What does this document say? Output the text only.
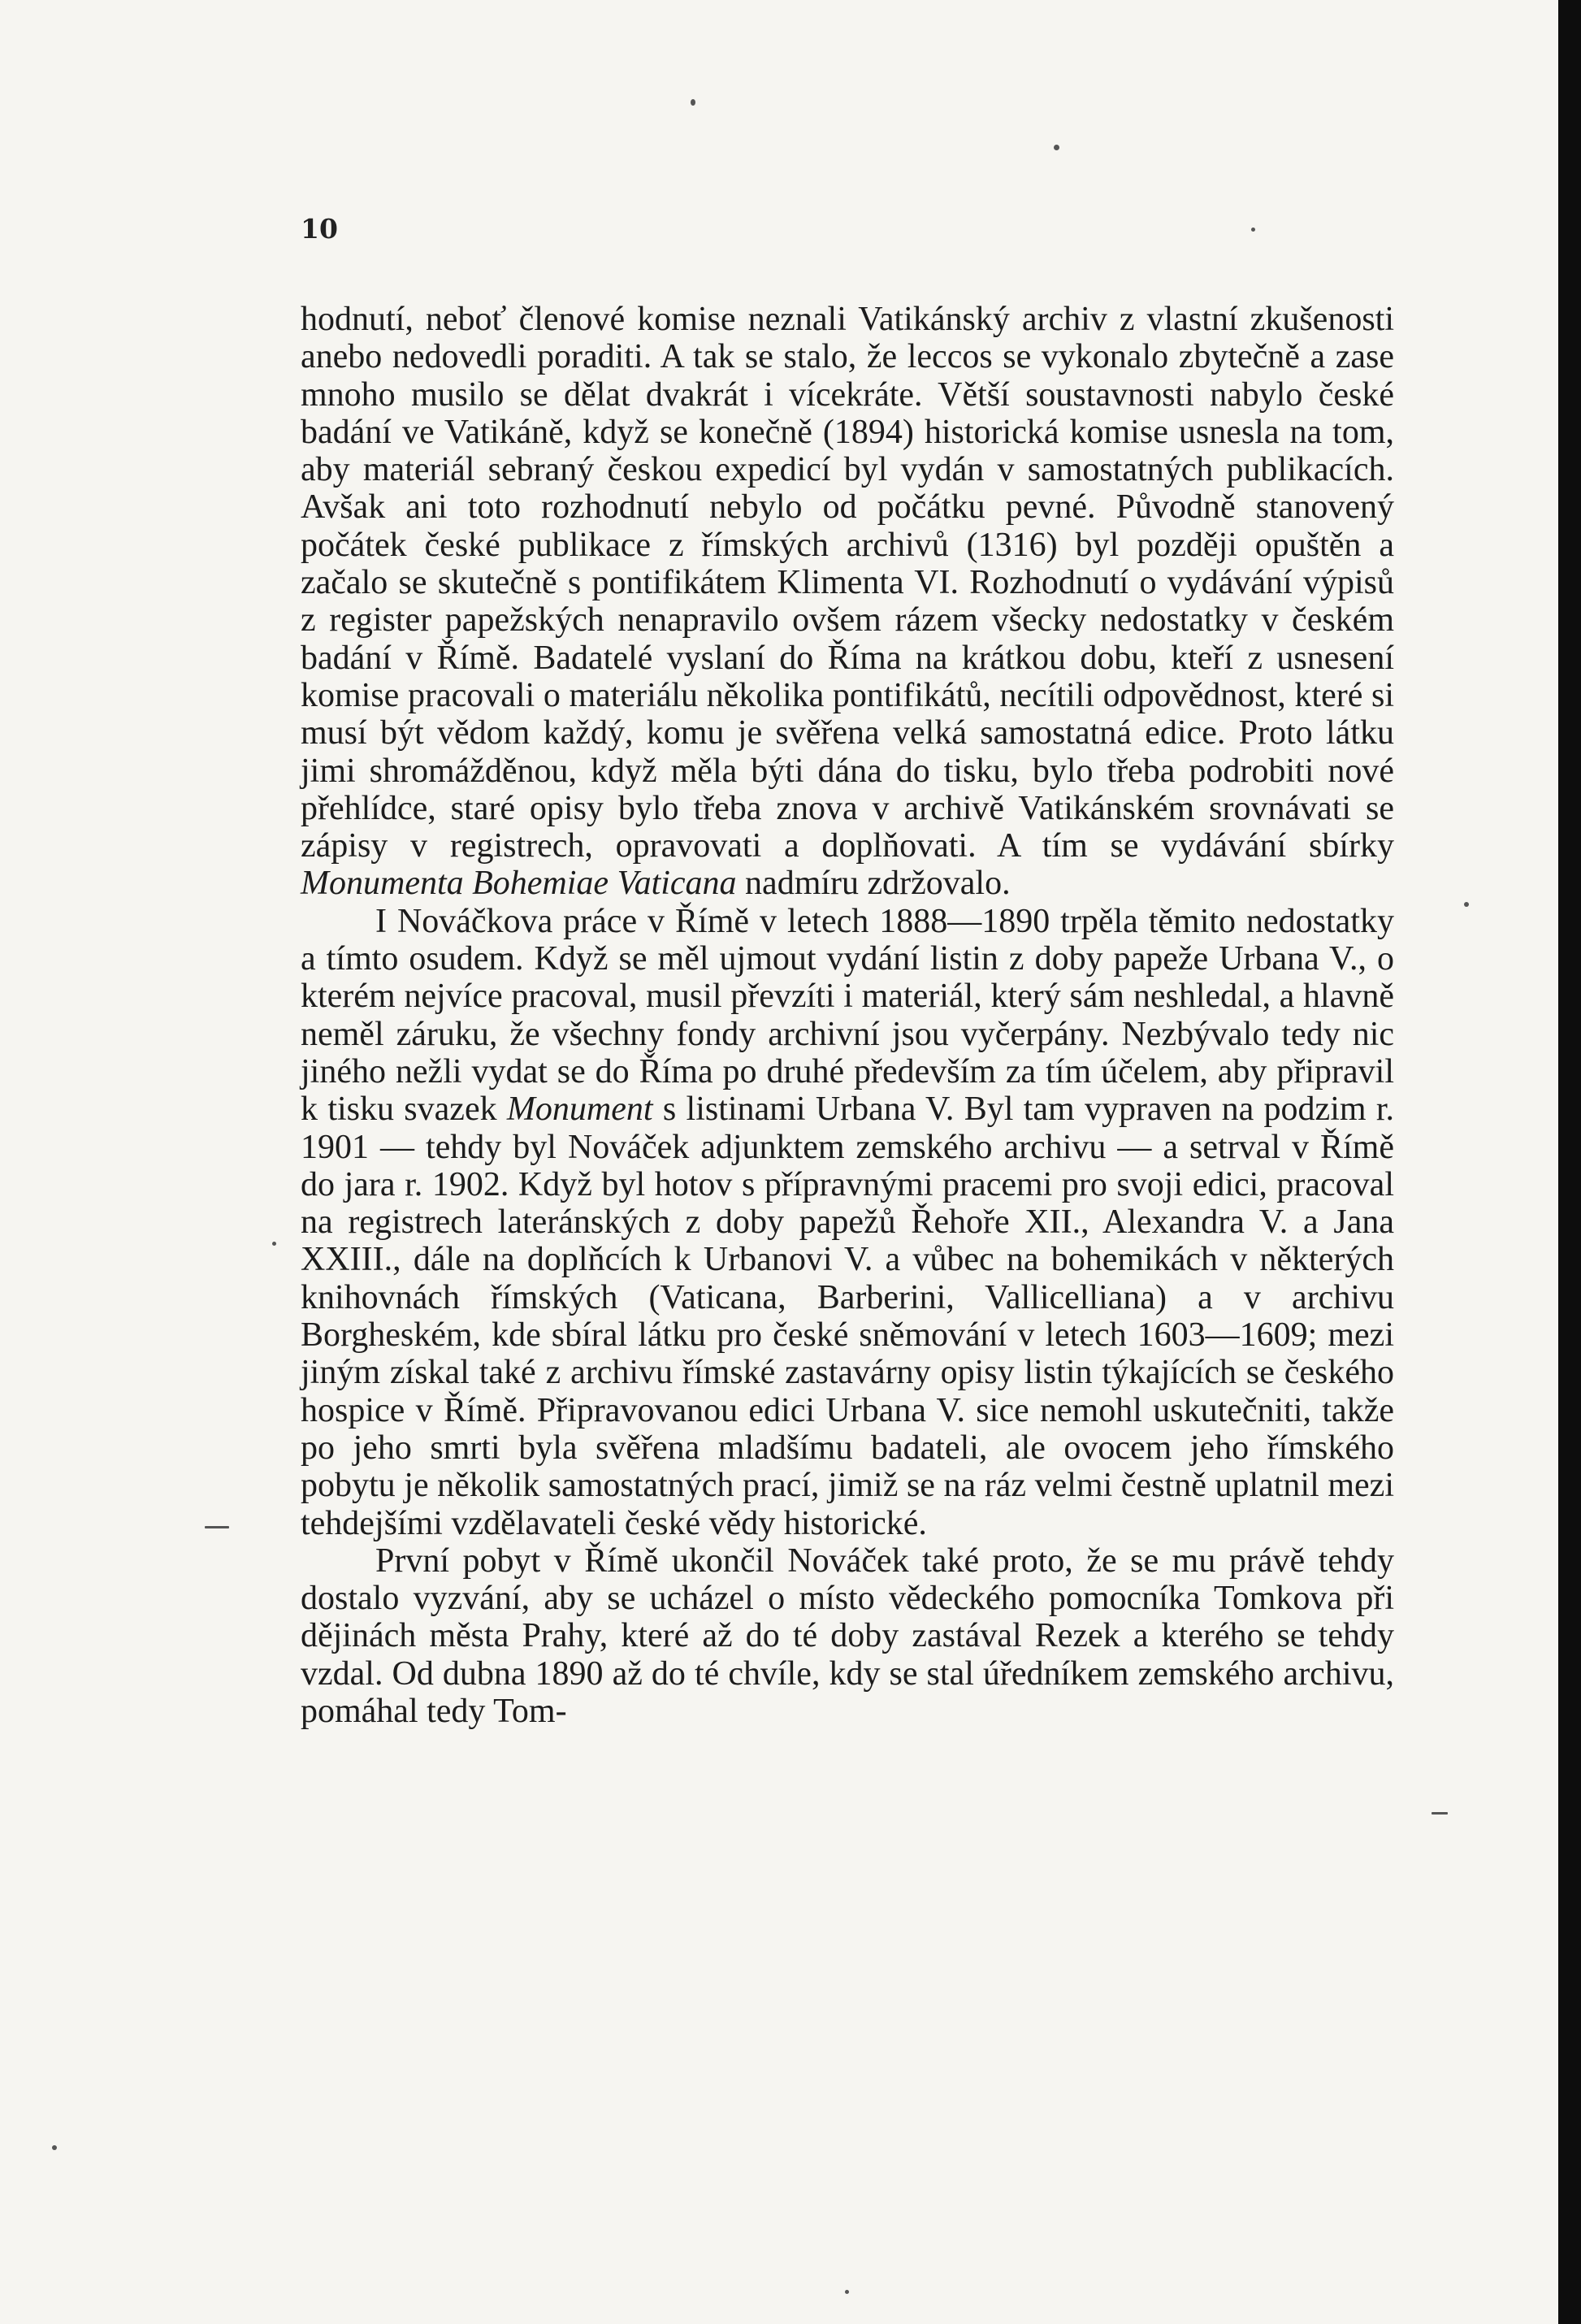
10

hodnutí, neboť členové komise neznali Vatikánský archiv z vlastní zkušenosti anebo nedovedli poraditi. A tak se stalo, že leccos se vykonalo zbytečně a zase mnoho musilo se dělat dvakrát i vícekráte. Větší soustavnosti nabylo české badání ve Vatikáně, když se konečně (1894) historická komise usnesla na tom, aby materiál sebraný českou expedicí byl vydán v samostatných publikacích. Avšak ani toto rozhodnutí nebylo od počátku pevné. Původně stanovený počátek české publikace z římských archivů (1316) byl později opuštěn a začalo se skutečně s pontifikátem Klimenta VI. Rozhodnutí o vydávání výpisů z register papežských nenapravilo ovšem rázem všecky nedostatky v českém badání v Římě. Badatelé vyslaní do Říma na krátkou dobu, kteří z usnesení komise pracovali o materiálu několika pontifikátů, necítili odpovědnost, které si musí být vědom každý, komu je svěřena velká samostatná edice. Proto látku jimi shromážděnou, když měla býti dána do tisku, bylo třeba podrobiti nové přehlídce, staré opisy bylo třeba znova v archivě Vatikánském srovnávati se zápisy v registrech, opravovati a doplňovati. A tím se vydávání sbírky Monumenta Bohemiae Vaticana nadmíru zdržovalo.

I Nováčkova práce v Římě v letech 1888—1890 trpěla těmito nedostatky a tímto osudem. Když se měl ujmout vydání listin z doby papeže Urbana V., o kterém nejvíce pracoval, musil převzíti i materiál, který sám neshledal, a hlavně neměl záruku, že všechny fondy archivní jsou vyčerpány. Nezbývalo tedy nic jiného nežli vydat se do Říma po druhé především za tím účelem, aby připravil k tisku svazek Monument s listinami Urbana V. Byl tam vypraven na podzim r. 1901 — tehdy byl Nováček adjunktem zemského archivu — a setrval v Římě do jara r. 1902. Když byl hotov s přípravnými pracemi pro svoji edici, pracoval na registrech lateránských z doby papežů Řehoře XII., Alexandra V. a Jana XXIII., dále na doplňcích k Urbanovi V. a vůbec na bohemikách v některých knihovnách římských (Vaticana, Barberini, Vallicelliana) a v archivu Borgheském, kde sbíral látku pro české sněmování v letech 1603—1609; mezi jiným získal také z archivu římské zastavárny opisy listin týkajících se českého hospice v Římě. Připravovanou edici Urbana V. sice nemohl uskutečniti, takže po jeho smrti byla svěřena mladšímu badateli, ale ovocem jeho římského pobytu je několik samostatných prací, jimiž se na ráz velmi čestně uplatnil mezi tehdejšími vzdělavateli české vědy historické.

První pobyt v Římě ukončil Nováček také proto, že se mu právě tehdy dostalo vyzvání, aby se ucházel o místo vědeckého pomocníka Tomkova při dějinách města Prahy, které až do té doby zastával Rezek a kterého se tehdy vzdal. Od dubna 1890 až do té chvíle, kdy se stal úředníkem zemského archivu, pomáhal tedy Tom-
